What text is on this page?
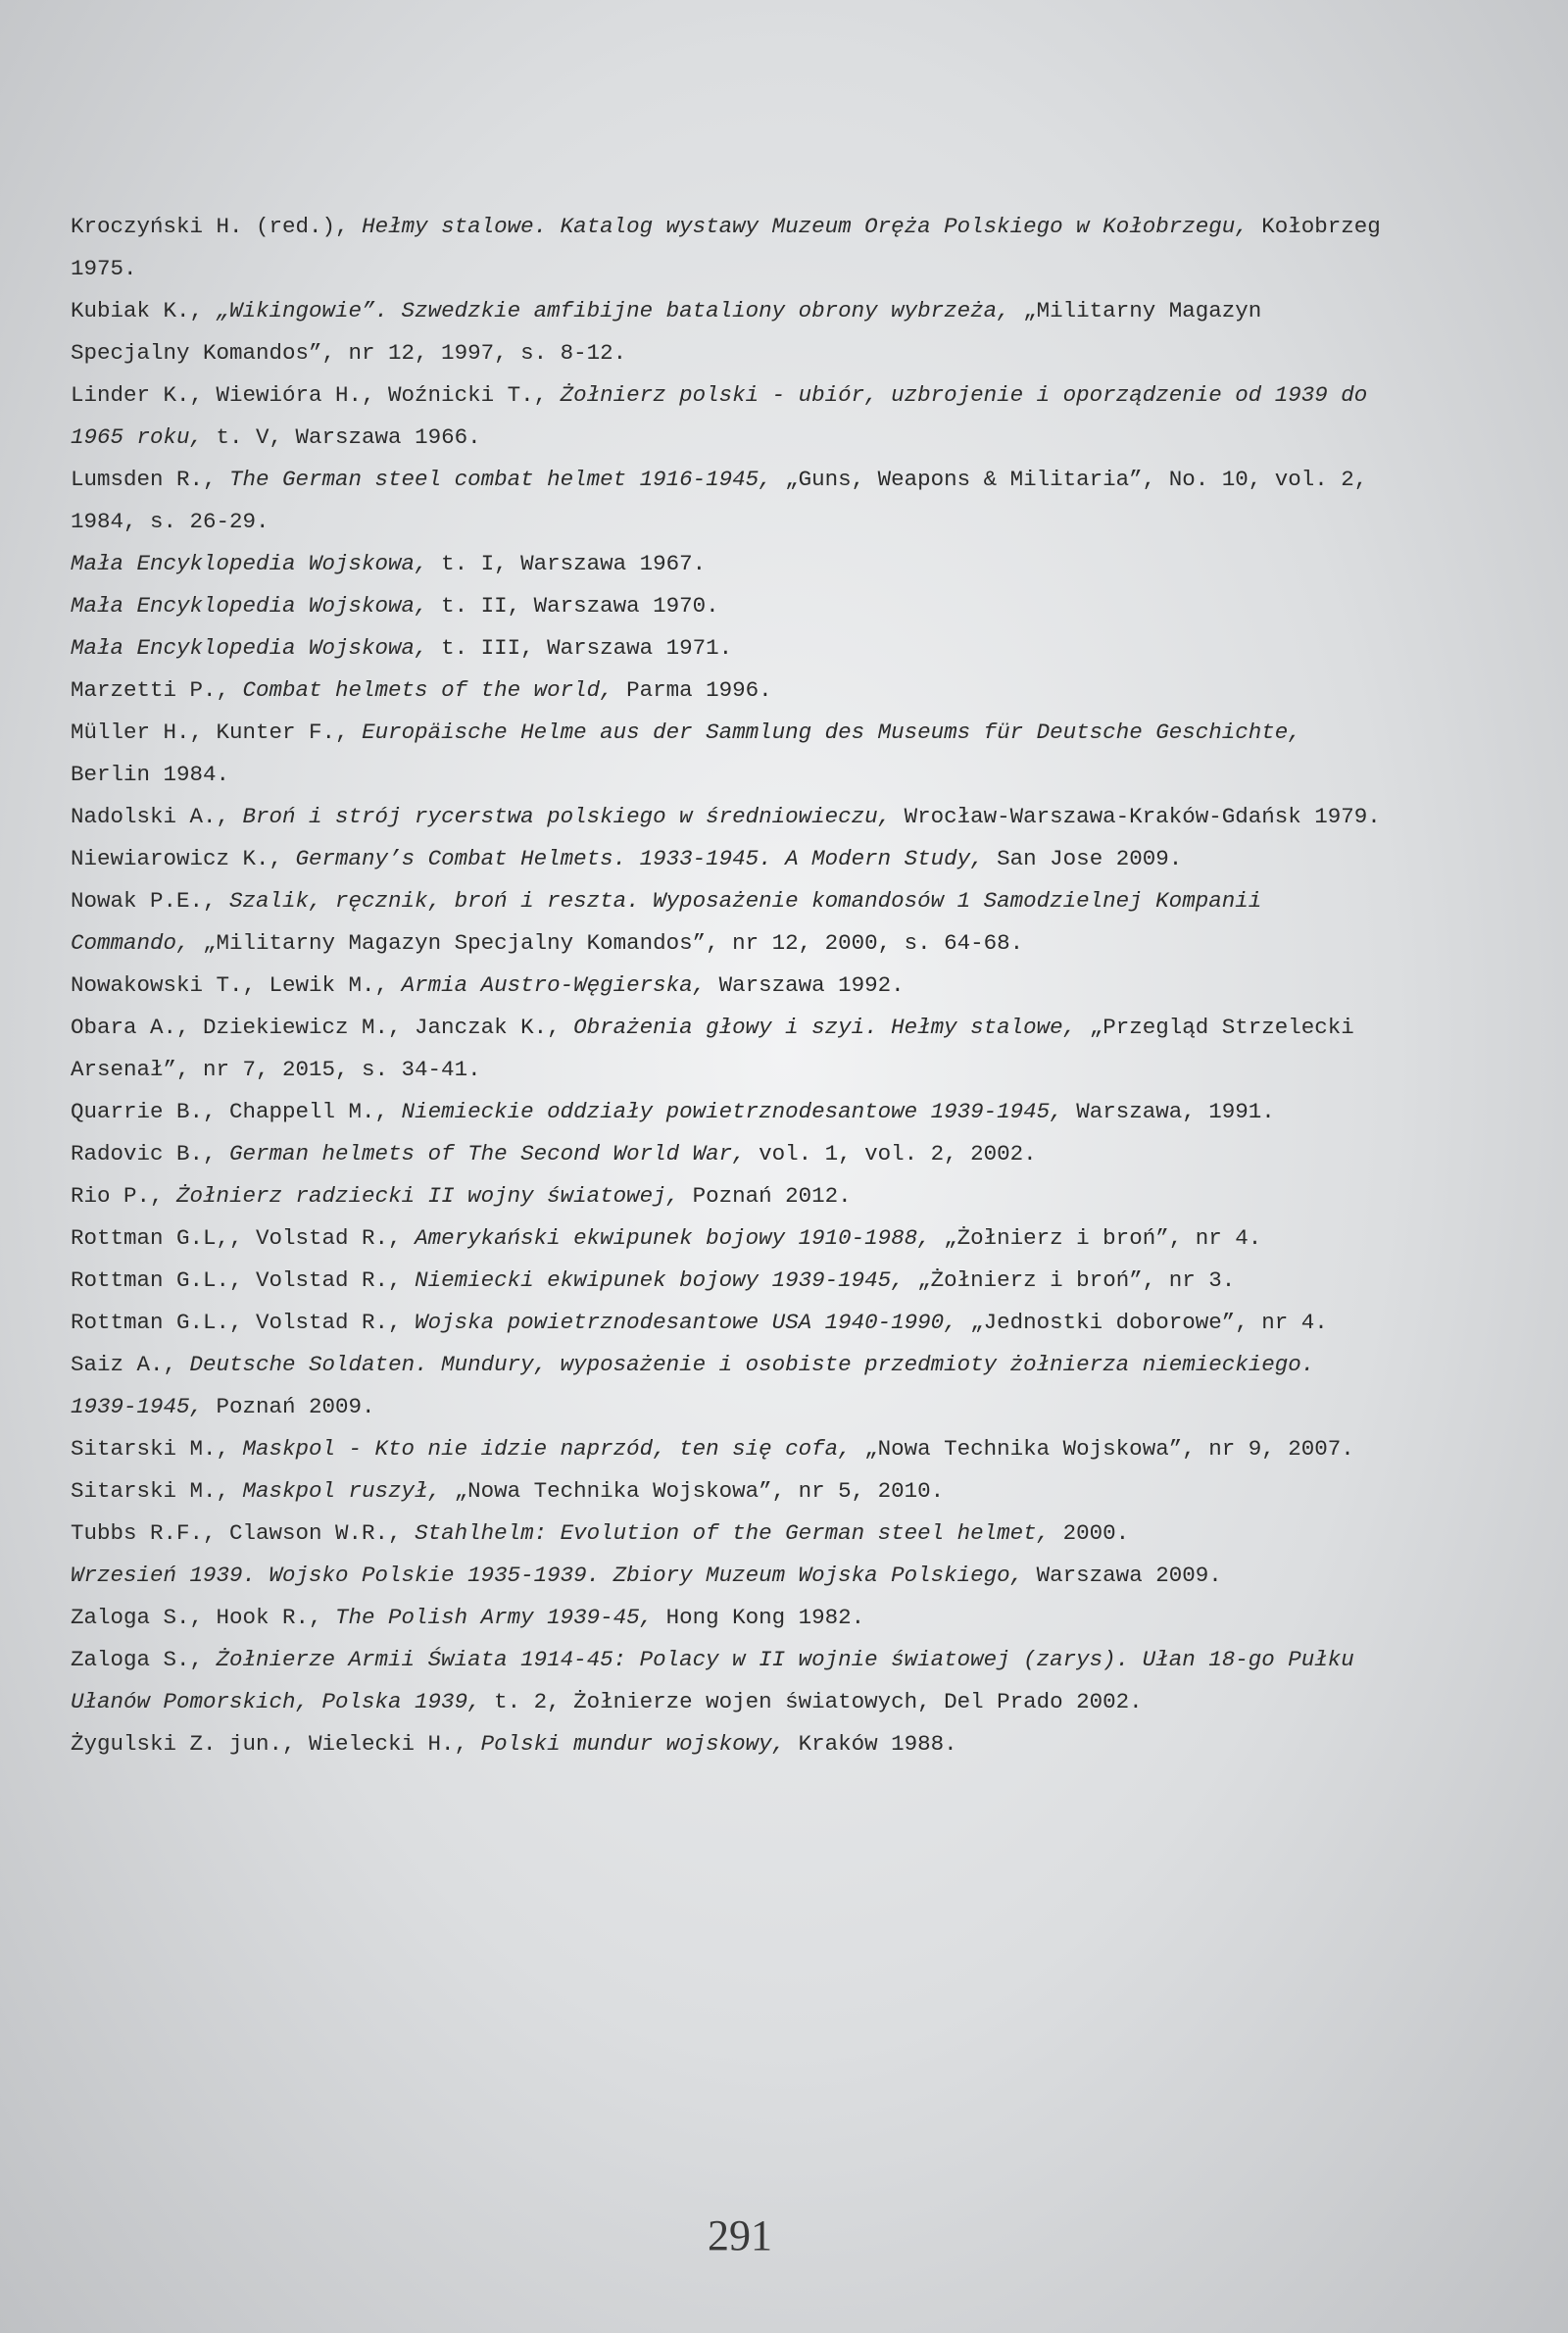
Kroczyński H. (red.), Hełmy stalowe. Katalog wystawy Muzeum Oręża Polskiego w Kołobrzegu, Kołobrzeg 1975.

Kubiak K., „Wikingowie”. Szwedzkie amfibijne bataliony obrony wybrzeża, „Militarny Magazyn Specjalny Komandos”, nr 12, 1997, s. 8-12.

Linder K., Wiewióra H., Woźnicki T., Żołnierz polski - ubiór, uzbrojenie i oporządzenie od 1939 do 1965 roku, t. V, Warszawa 1966.

Lumsden R., The German steel combat helmet 1916-1945, „Guns, Weapons & Militaria”, No. 10, vol. 2, 1984, s. 26-29.

Mała Encyklopedia Wojskowa, t. I, Warszawa 1967.

Mała Encyklopedia Wojskowa, t. II, Warszawa 1970.

Mała Encyklopedia Wojskowa, t. III, Warszawa 1971.

Marzetti P., Combat helmets of the world, Parma 1996.

Müller H., Kunter F., Europäische Helme aus der Sammlung des Museums für Deutsche Geschichte, Berlin 1984.

Nadolski A., Broń i strój rycerstwa polskiego w średniowieczu, Wrocław-Warszawa-Kraków-Gdańsk 1979.

Niewiarowicz K., Germany’s Combat Helmets. 1933-1945. A Modern Study, San Jose 2009.

Nowak P.E., Szalik, ręcznik, broń i reszta. Wyposażenie komandosów 1 Samodzielnej Kompanii Commando, „Militarny Magazyn Specjalny Komandos”, nr 12, 2000, s. 64-68.

Nowakowski T., Lewik M., Armia Austro-Węgierska, Warszawa 1992.

Obara A., Dziekiewicz M., Janczak K., Obrażenia głowy i szyi. Hełmy stalowe, „Przegląd Strzelecki Arsenał”, nr 7, 2015, s. 34-41.

Quarrie B., Chappell M., Niemieckie oddziały powietrznodesantowe 1939-1945, Warszawa, 1991.

Radovic B., German helmets of The Second World War, vol. 1, vol. 2, 2002.

Rio P., Żołnierz radziecki II wojny światowej, Poznań 2012.

Rottman G.L,, Volstad R., Amerykański ekwipunek bojowy 1910-1988, „Żołnierz i broń”, nr 4.

Rottman G.L., Volstad R., Niemiecki ekwipunek bojowy 1939-1945, „Żołnierz i broń”, nr 3.

Rottman G.L., Volstad R., Wojska powietrznodesantowe USA 1940-1990, „Jednostki doborowe”, nr 4.

Saiz A., Deutsche Soldaten. Mundury, wyposażenie i osobiste przedmioty żołnierza niemieckiego. 1939-1945, Poznań 2009.

Sitarski M., Maskpol - Kto nie idzie naprzód, ten się cofa, „Nowa Technika Wojskowa”, nr 9, 2007.

Sitarski M., Maskpol ruszył, „Nowa Technika Wojskowa”, nr 5, 2010.

Tubbs R.F., Clawson W.R., Stahlhelm: Evolution of the German steel helmet, 2000.

Wrzesień 1939. Wojsko Polskie 1935-1939. Zbiory Muzeum Wojska Polskiego, Warszawa 2009.

Zaloga S., Hook R., The Polish Army 1939-45, Hong Kong 1982.

Zaloga S., Żołnierze Armii Świata 1914-45: Polacy w II wojnie światowej (zarys). Ułan 18-go Pułku Ułanów Pomorskich, Polska 1939, t. 2, Żołnierze wojen światowych, Del Prado 2002.

Żygulski Z. jun., Wielecki H., Polski mundur wojskowy, Kraków 1988.

291
